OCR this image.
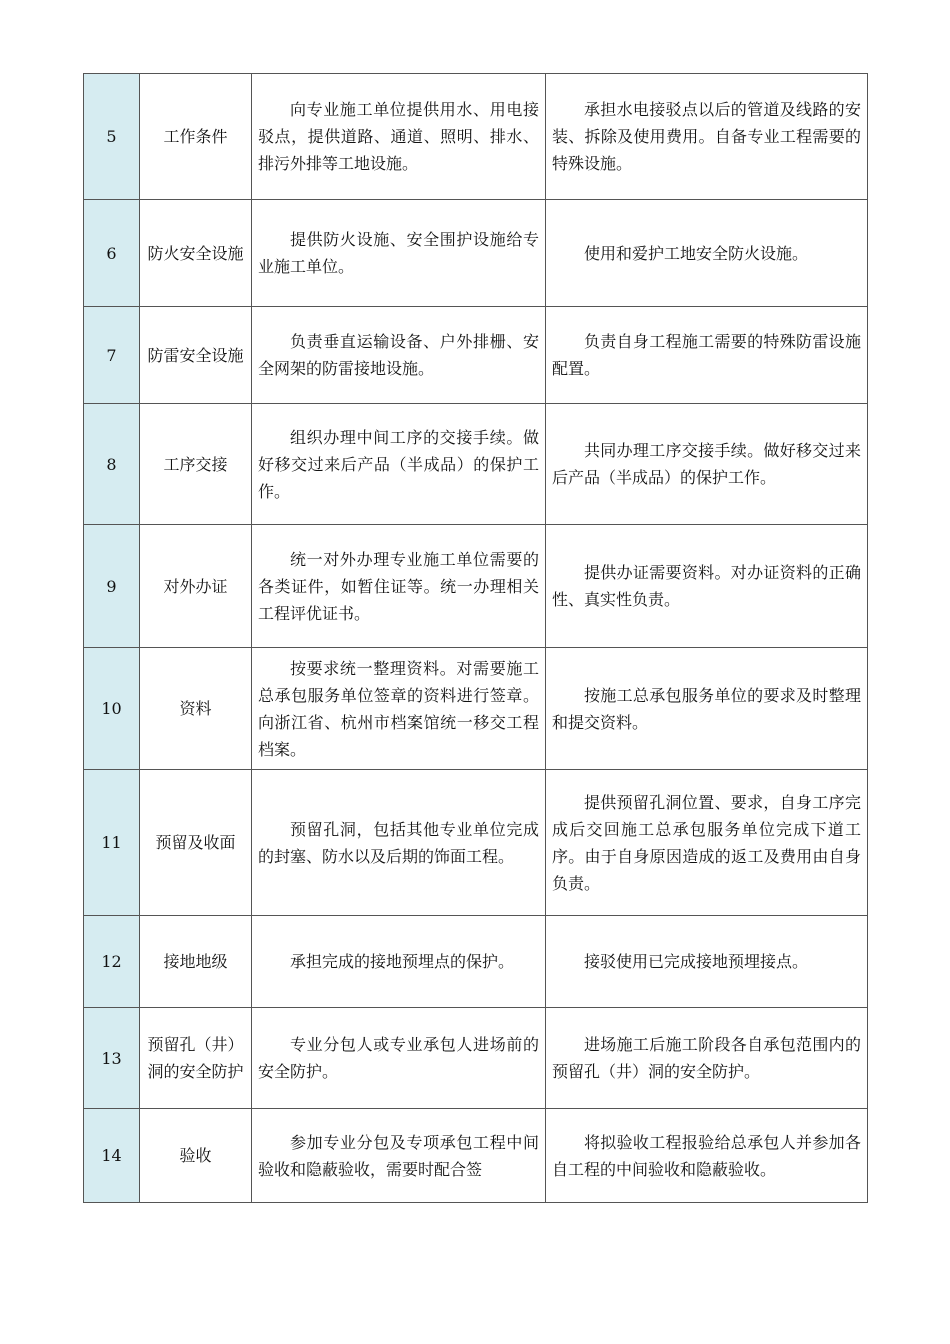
5	工作条件	向专业施工单位提供用水、用电接驳点，提供道路、通道、照明、排水、排污外排等工地设施。	承担水电接驳点以后的管道及线路的安装、拆除及使用费用。自备专业工程需要的特殊设施。
6	防火安全设施	提供防火设施、安全围护设施给专业施工单位。	使用和爱护工地安全防火设施。
7	防雷安全设施	负责垂直运输设备、户外排栅、安全网架的防雷接地设施。	负责自身工程施工需要的特殊防雷设施配置。
8	工序交接	组织办理中间工序的交接手续。做好移交过来后产品（半成品）的保护工作。	共同办理工序交接手续。做好移交过来后产品（半成品）的保护工作。
9	对外办证	统一对外办理专业施工单位需要的各类证件，如暂住证等。统一办理相关工程评优证书。	提供办证需要资料。对办证资料的正确性、真实性负责。
10	资料	按要求统一整理资料。对需要施工总承包服务单位签章的资料进行签章。向浙江省、杭州市档案馆统一移交工程档案。	按施工总承包服务单位的要求及时整理和提交资料。
11	预留及收面	预留孔洞，包括其他专业单位完成的封塞、防水以及后期的饰面工程。	提供预留孔洞位置、要求，自身工序完成后交回施工总承包服务单位完成下道工序。由于自身原因造成的返工及费用由自身负责。
12	接地地级	承担完成的接地预埋点的保护。	接驳使用已完成接地预埋接点。
13	预留孔（井）洞的安全防护	专业分包人或专业承包人进场前的安全防护。	进场施工后施工阶段各自承包范围内的预留孔（井）洞的安全防护。
14	验收	参加专业分包及专项承包工程中间验收和隐蔽验收，需要时配合签	将拟验收工程报验给总承包人并参加各自工程的中间验收和隐蔽验收。
